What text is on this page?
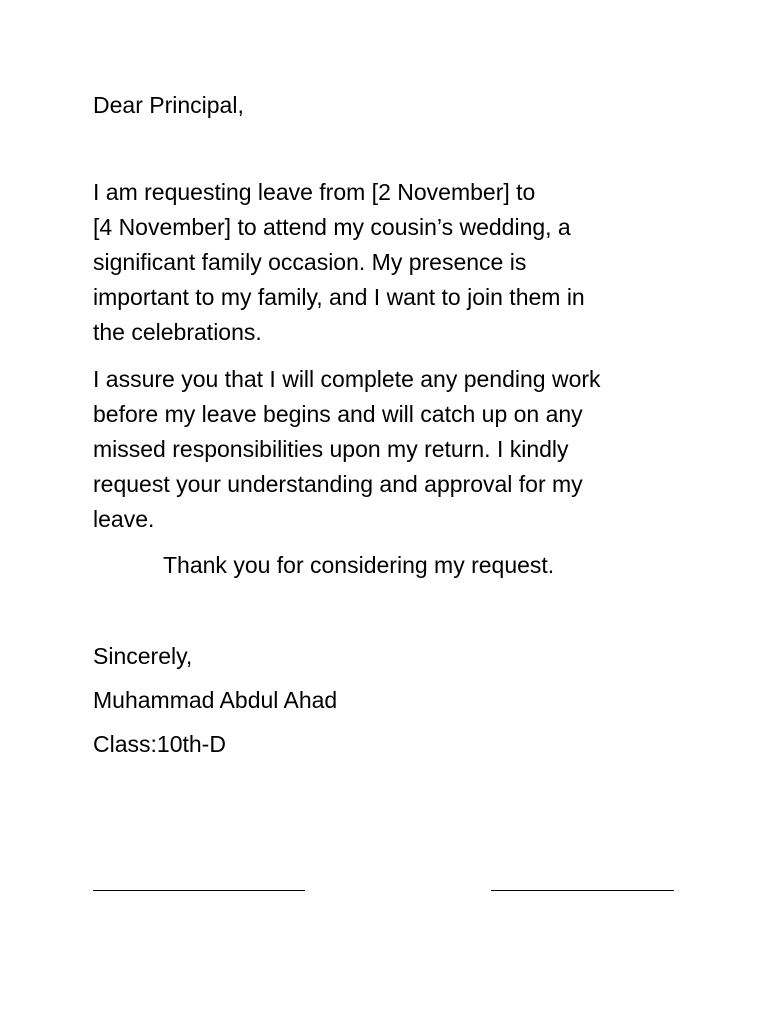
Dear Principal,

I am requesting leave from [2 November] to
[4 November] to attend my cousin’s wedding, a
significant family occasion. My presence is
important to my family, and I want to join them in
the celebrations.

I assure you that I will complete any pending work
before my leave begins and will catch up on any
missed responsibilities upon my return. I kindly
request your understanding and approval for my
leave.

Thank you for considering my request.

Sincerely,

Muhammad Abdul Ahad

Class:10th-D
